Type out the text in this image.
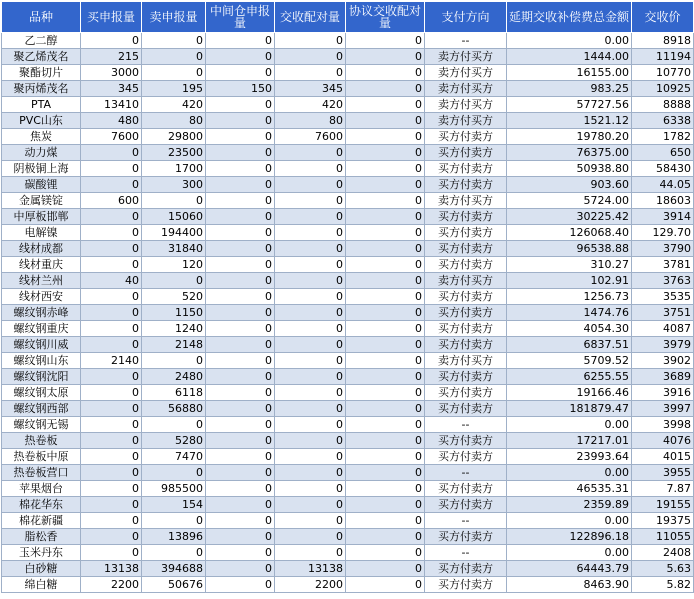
品种	买申报量	卖申报量	中间仓申报量	交收配对量	协议交收配对量	支付方向	延期交收补偿费总金额	交收价
乙二醇	0	0	0	0	0	--	0.00	8918
聚乙烯茂名	215	0	0	0	0	卖方付买方	1444.00	11194
聚酯切片	3000	0	0	0	0	卖方付买方	16155.00	10770
聚丙烯茂名	345	195	150	345	0	卖方付买方	983.25	10925
PTA	13410	420	0	420	0	卖方付买方	57727.56	8888
PVC山东	480	80	0	80	0	卖方付买方	1521.12	6338
焦炭	7600	29800	0	7600	0	买方付卖方	19780.20	1782
动力煤	0	23500	0	0	0	买方付卖方	76375.00	650
阴极铜上海	0	1700	0	0	0	买方付卖方	50938.80	58430
碳酸锂	0	300	0	0	0	买方付卖方	903.60	44.05
金属镁锭	600	0	0	0	0	卖方付买方	5724.00	18603
中厚板邯郸	0	15060	0	0	0	买方付卖方	30225.42	3914
电解镍	0	194400	0	0	0	买方付卖方	126068.40	129.70
线材成都	0	31840	0	0	0	买方付卖方	96538.88	3790
线材重庆	0	120	0	0	0	买方付卖方	310.27	3781
线材兰州	40	0	0	0	0	卖方付买方	102.91	3763
线材西安	0	520	0	0	0	买方付卖方	1256.73	3535
螺纹钢赤峰	0	1150	0	0	0	买方付卖方	1474.76	3751
螺纹钢重庆	0	1240	0	0	0	买方付卖方	4054.30	4087
螺纹钢川威	0	2148	0	0	0	买方付卖方	6837.51	3979
螺纹钢山东	2140	0	0	0	0	卖方付买方	5709.52	3902
螺纹钢沈阳	0	2480	0	0	0	买方付卖方	6255.55	3689
螺纹钢太原	0	6118	0	0	0	买方付卖方	19166.46	3916
螺纹钢西部	0	56880	0	0	0	买方付卖方	181879.47	3997
螺纹钢无锡	0	0	0	0	0	--	0.00	3998
热卷板	0	5280	0	0	0	买方付卖方	17217.01	4076
热卷板中原	0	7470	0	0	0	买方付卖方	23993.64	4015
热卷板营口	0	0	0	0	0	--	0.00	3955
苹果烟台	0	985500	0	0	0	买方付卖方	46535.31	7.87
棉花华东	0	154	0	0	0	买方付卖方	2359.89	19155
棉花新疆	0	0	0	0	0	--	0.00	19375
脂松香	0	13896	0	0	0	买方付卖方	122896.18	11055
玉米丹东	0	0	0	0	0	--	0.00	2408
白砂糖	13138	394688	0	13138	0	买方付卖方	64443.79	5.63
绵白糖	2200	50676	0	2200	0	买方付卖方	8463.90	5.82
